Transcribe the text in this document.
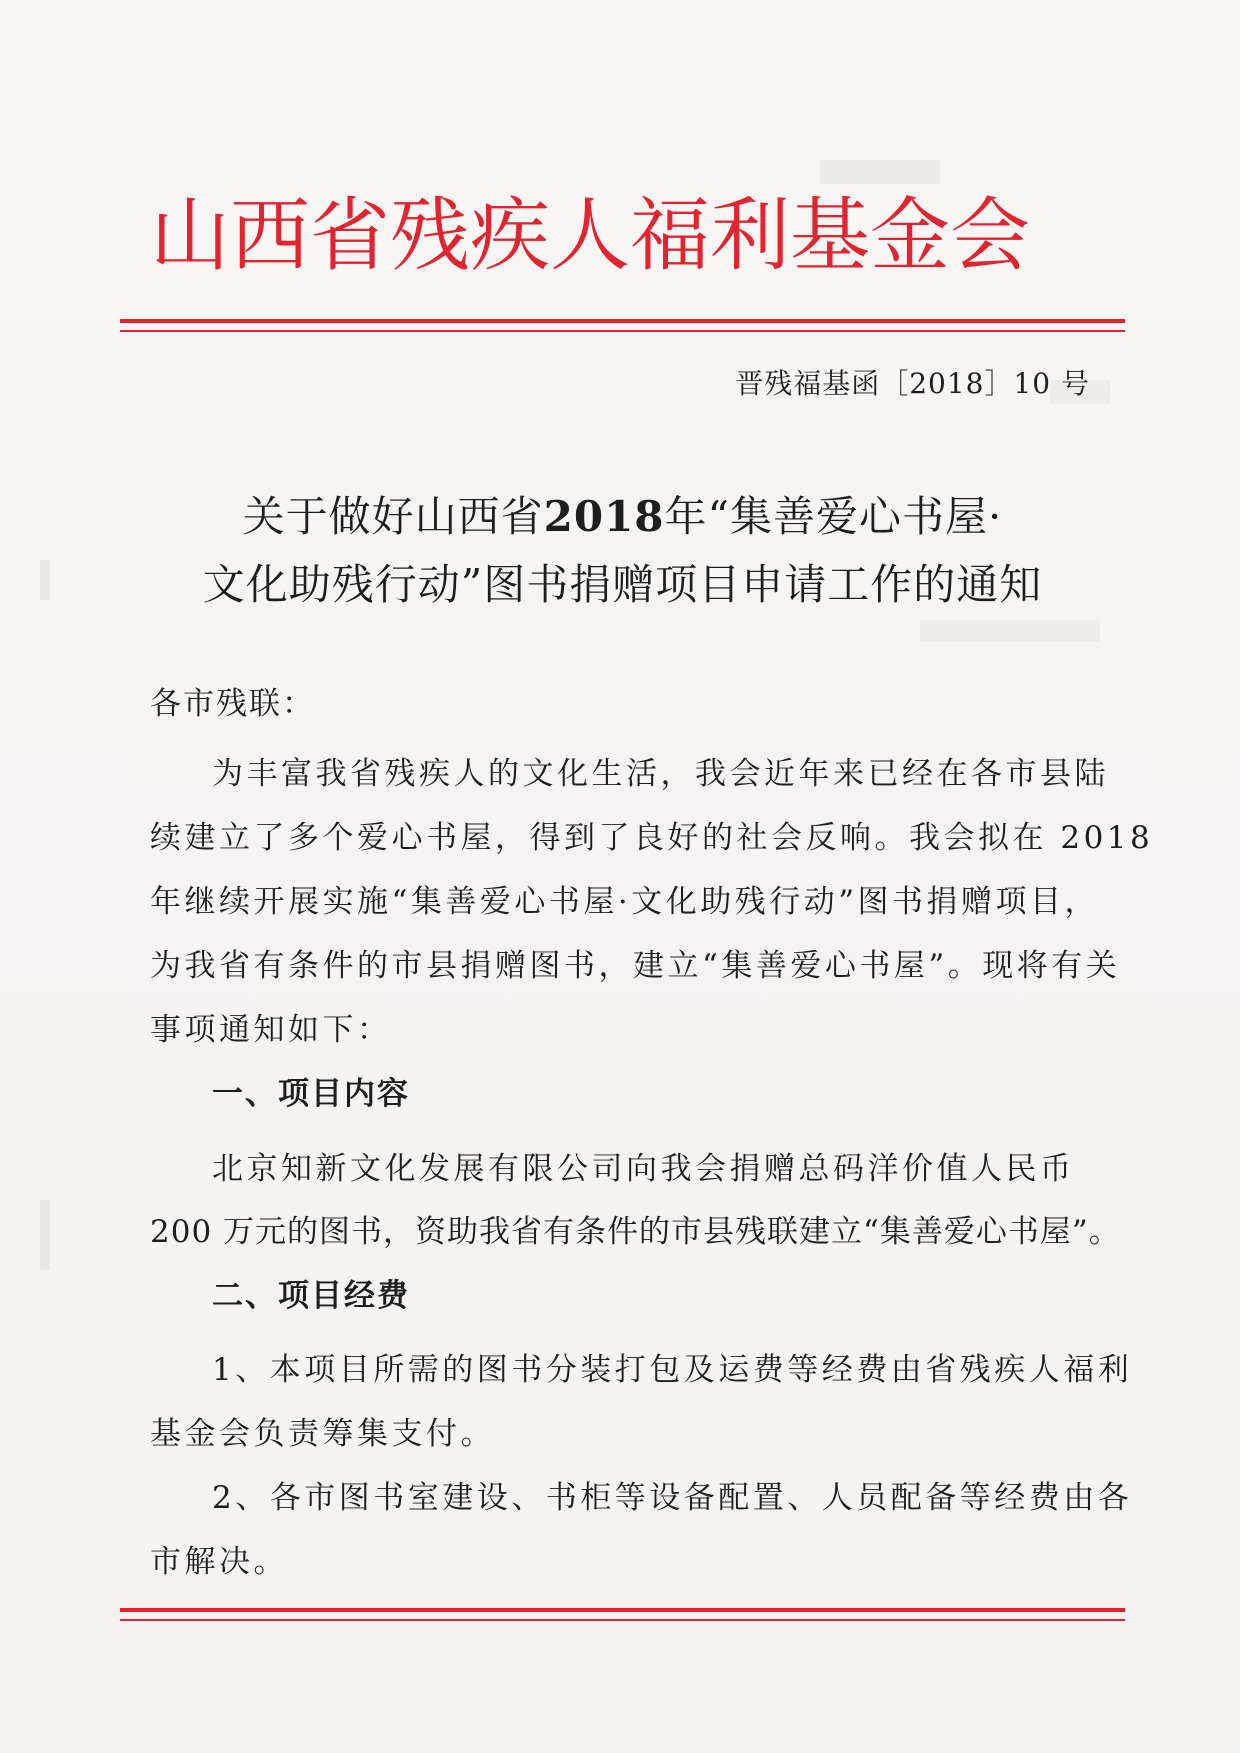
山西省残疾人福利基金会
晋残福基函［2018］10 号
关于做好山西省2018年“集善爱心书屋·
文化助残行动”图书捐赠项目申请工作的通知
各市残联：
为丰富我省残疾人的文化生活，我会近年来已经在各市县陆
续建立了多个爱心书屋，得到了良好的社会反响。我会拟在 2018
年继续开展实施“集善爱心书屋·文化助残行动”图书捐赠项目，
为我省有条件的市县捐赠图书，建立“集善爱心书屋”。现将有关
事项通知如下：
一、项目内容
北京知新文化发展有限公司向我会捐赠总码洋价值人民币
200 万元的图书，资助我省有条件的市县残联建立“集善爱心书屋”。
二、项目经费
1、本项目所需的图书分装打包及运费等经费由省残疾人福利
基金会负责筹集支付。
2、各市图书室建设、书柜等设备配置、人员配备等经费由各
市解决。
